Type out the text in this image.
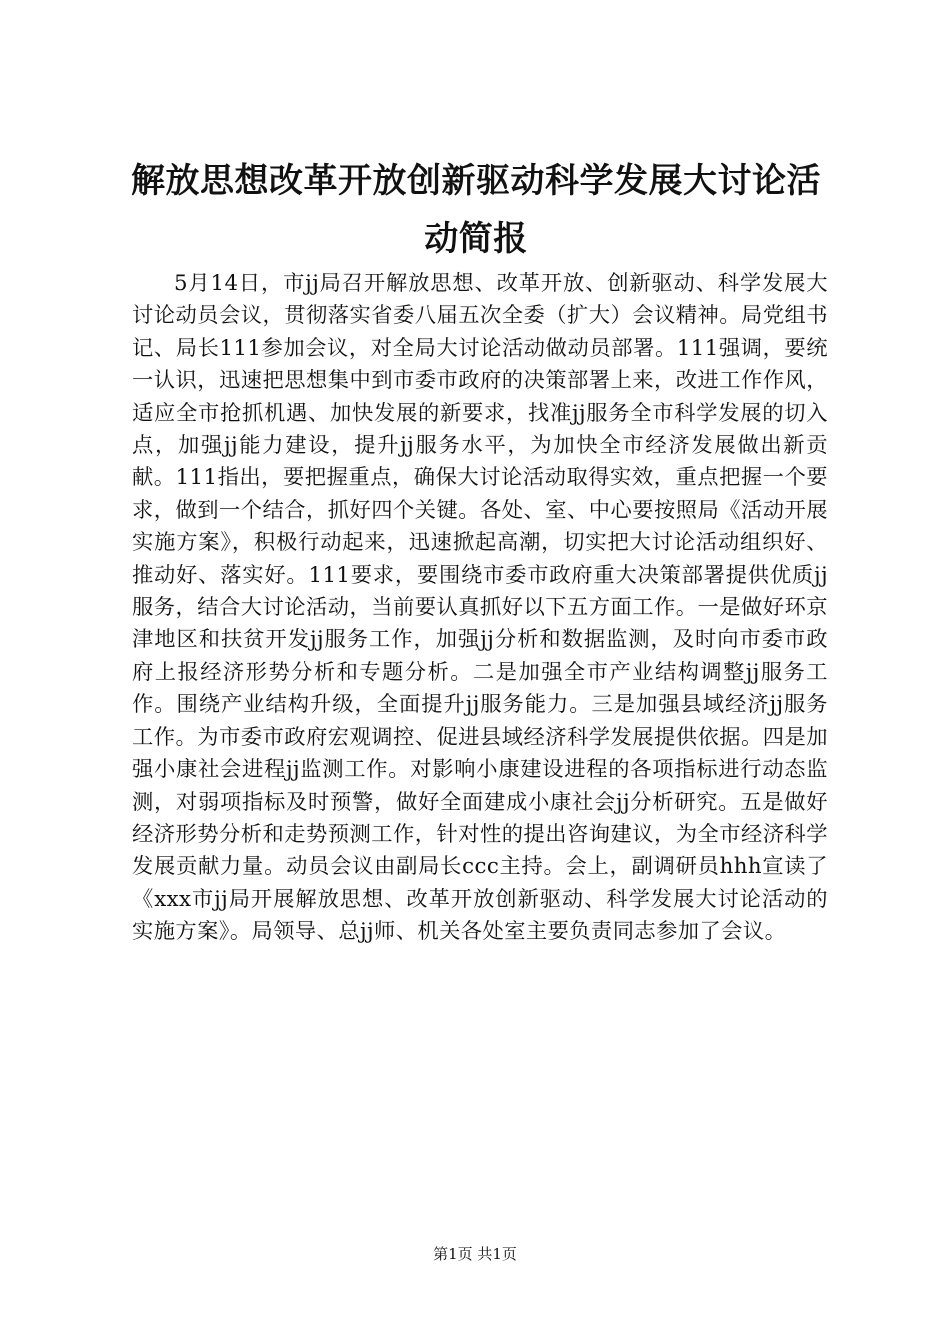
解放思想改革开放创新驱动科学发展大讨论活动简报

5月14日，市jj局召开解放思想、改革开放、创新驱动、科学发展大讨论动员会议，贯彻落实省委八届五次全委（扩大）会议精神。局党组书记、局长111参加会议，对全局大讨论活动做动员部署。111强调，要统一认识，迅速把思想集中到市委市政府的决策部署上来，改进工作作风，适应全市抢抓机遇、加快发展的新要求，找准jj服务全市科学发展的切入点，加强jj能力建设，提升jj服务水平，为加快全市经济发展做出新贡献。111指出，要把握重点，确保大讨论活动取得实效，重点把握一个要求，做到一个结合，抓好四个关键。各处、室、中心要按照局《活动开展实施方案》，积极行动起来，迅速掀起高潮，切实把大讨论活动组织好、推动好、落实好。111要求，要围绕市委市政府重大决策部署提供优质jj服务，结合大讨论活动，当前要认真抓好以下五方面工作。一是做好环京津地区和扶贫开发jj服务工作，加强jj分析和数据监测，及时向市委市政府上报经济形势分析和专题分析。二是加强全市产业结构调整jj服务工作。围绕产业结构升级，全面提升jj服务能力。三是加强县域经济jj服务工作。为市委市政府宏观调控、促进县域经济科学发展提供依据。四是加强小康社会进程jj监测工作。对影响小康建设进程的各项指标进行动态监测，对弱项指标及时预警，做好全面建成小康社会jj分析研究。五是做好经济形势分析和走势预测工作，针对性的提出咨询建议，为全市经济科学发展贡献力量。动员会议由副局长ccc主持。会上，副调研员hhh宣读了《xxx市jj局开展解放思想、改革开放创新驱动、科学发展大讨论活动的实施方案》。局领导、总jj师、机关各处室主要负责同志参加了会议。

第1页 共1页
